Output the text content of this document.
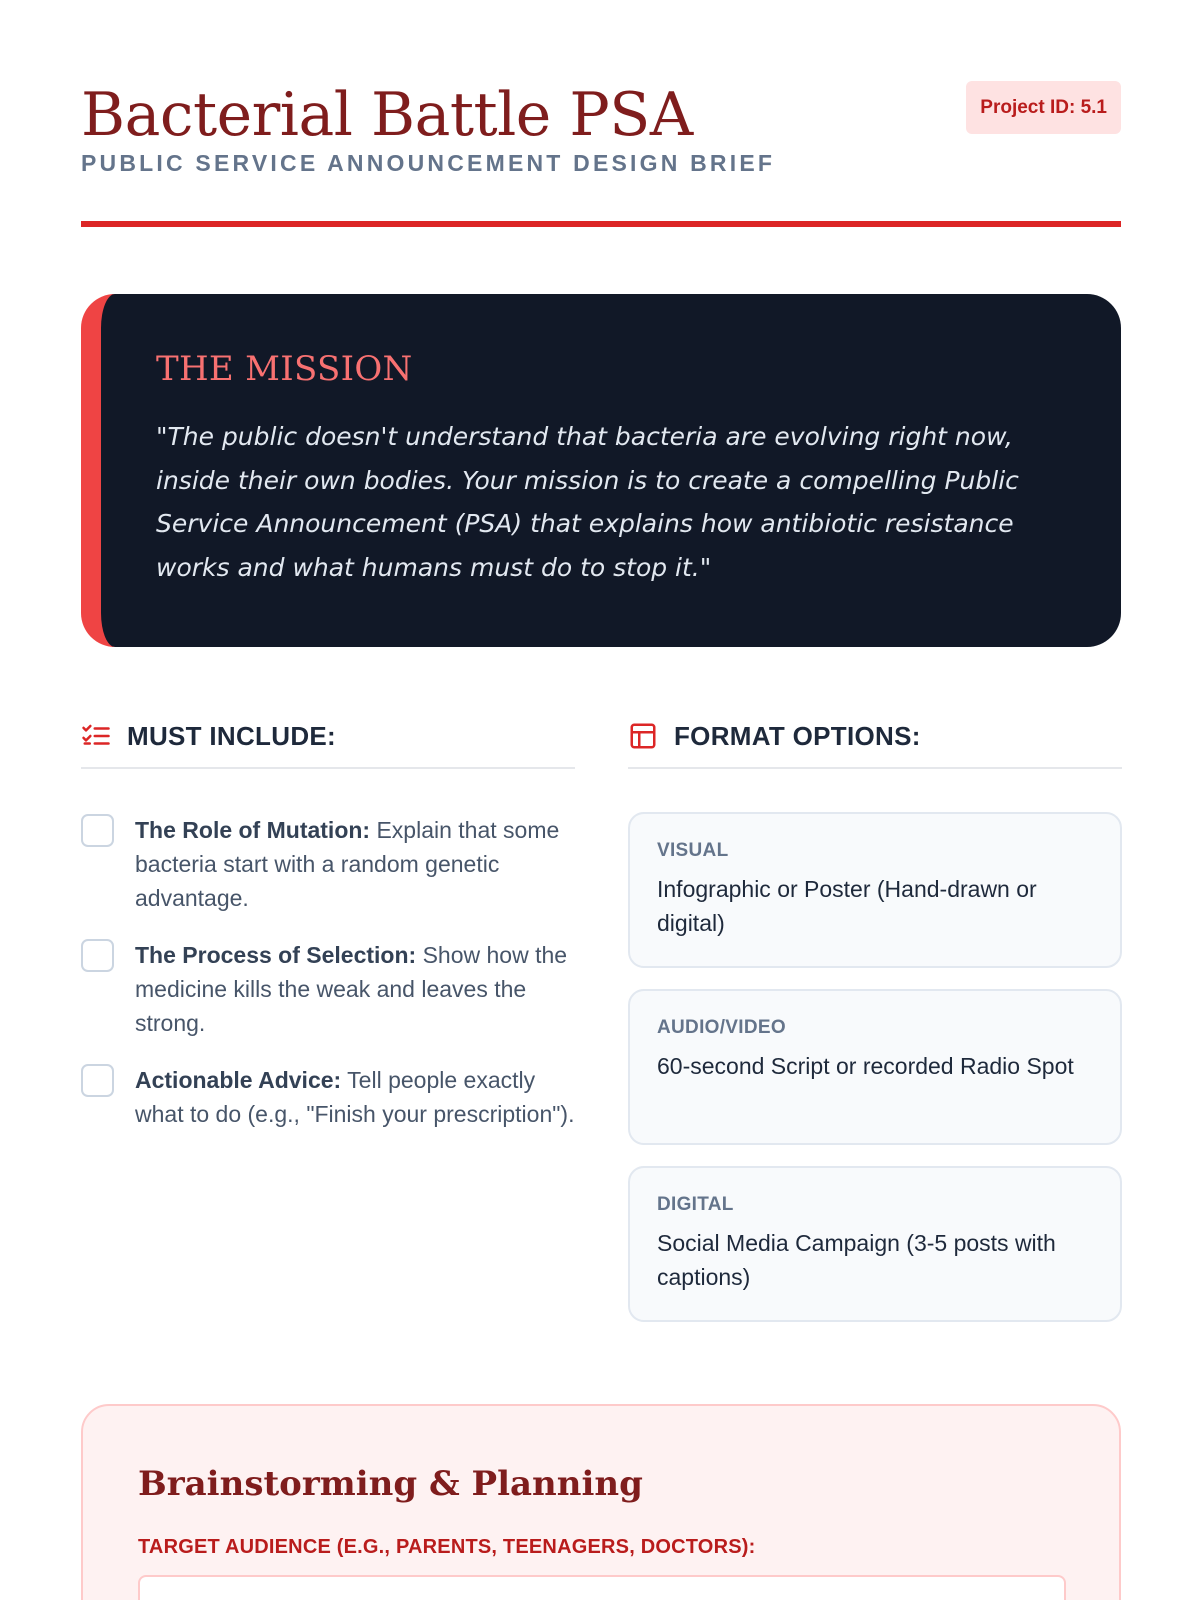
Bacterial Battle PSA
PUBLIC SERVICE ANNOUNCEMENT DESIGN BRIEF
Project ID: 5.1
THE MISSION

"The public doesn't understand that bacteria are evolving right now, inside their own bodies. Your mission is to create a compelling Public Service Announcement (PSA) that explains how antibiotic resistance works and what humans must do to stop it."

MUST INCLUDE:
The Role of Mutation: Explain that some bacteria start with a random genetic advantage.
The Process of Selection: Show how the medicine kills the weak and leaves the strong.
Actionable Advice: Tell people exactly what to do (e.g., "Finish your prescription").
FORMAT OPTIONS:
VISUAL
Infographic or Poster (Hand-drawn or digital)
AUDIO/VIDEO
60-second Script or recorded Radio Spot
DIGITAL
Social Media Campaign (3-5 posts with captions)
Brainstorming & Planning
TARGET AUDIENCE (E.G., PARENTS, TEENAGERS, DOCTORS):
